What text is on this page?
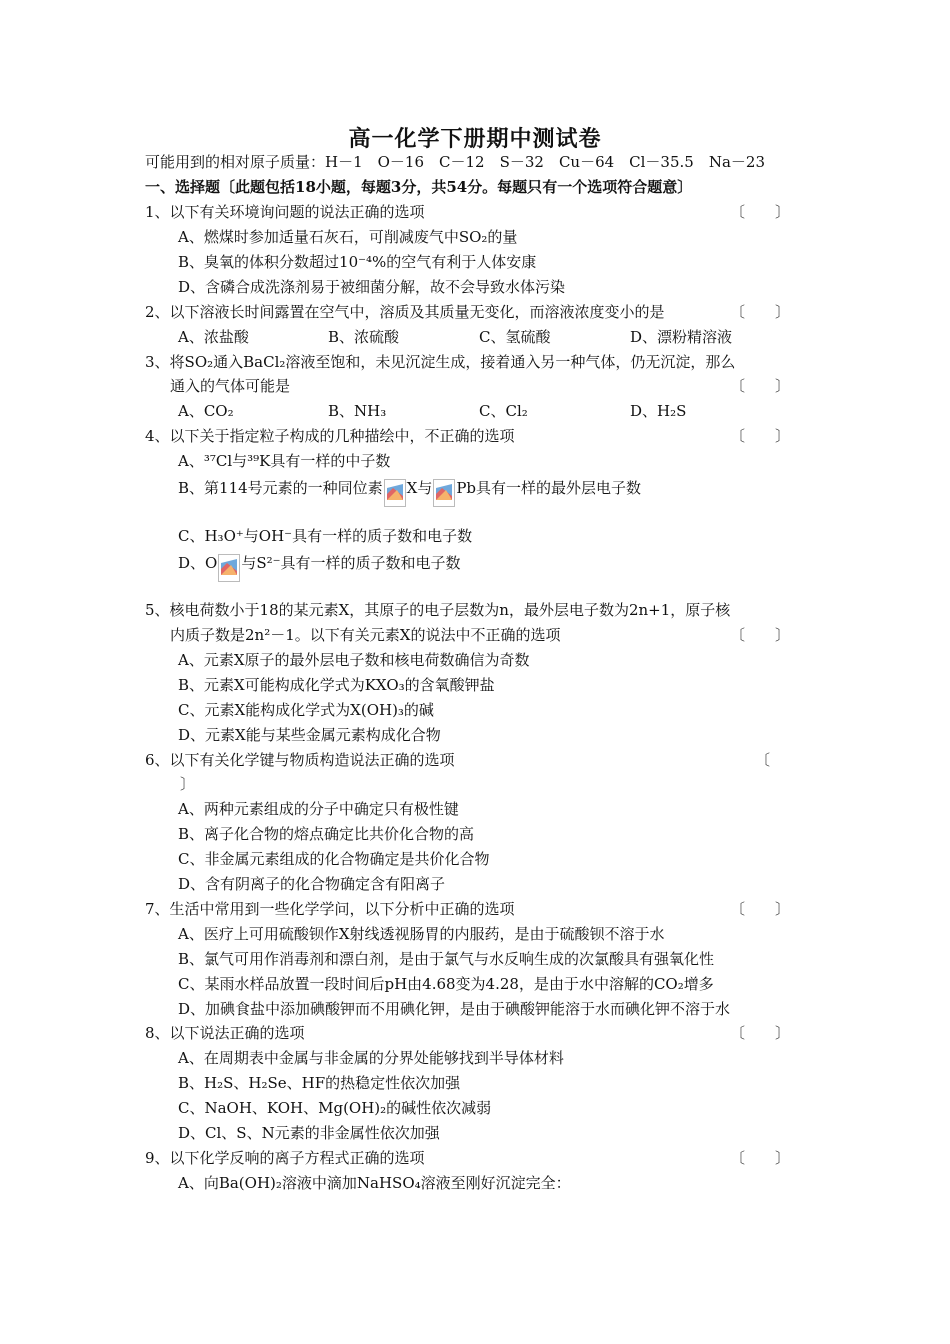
高一化学下册期中测试卷
可能用到的相对原子质量：H－1　O－16　C－12　S－32　Cu－64　Cl－35.5　Na－23
一、选择题〔此题包括18小题，每题3分，共54分。每题只有一个选项符合题意〕
1、以下有关环境询问题的说法正确的选项	〔　　〕
A、燃煤时参加适量石灰石，可削减废气中SO₂的量
B、臭氧的体积分数超过10⁻⁴%的空气有利于人体安康
D、含磷合成洗涤剂易于被细菌分解，故不会导致水体污染
2、以下溶液长时间露置在空气中，溶质及其质量无变化，而溶液浓度变小的是	〔　　〕
A、浓盐酸	B、浓硫酸	C、氢硫酸	D、漂粉精溶液
3、将SO₂通入BaCl₂溶液至饱和，未见沉淀生成，接着通入另一种气体，仍无沉淀，那么
通入的气体可能是	〔　　〕
A、CO₂	B、NH₃	C、Cl₂	D、H₂S
4、以下关于指定粒子构成的几种描绘中，不正确的选项	〔　　〕
A、³⁷Cl与³⁹K具有一样的中子数
B、第114号元素的一种同位素 X与 Pb具有一样的最外层电子数
C、H₃O⁺与OH⁻具有一样的质子数和电子数
D、O 与S²⁻具有一样的质子数和电子数
5、核电荷数小于18的某元素X，其原子的电子层数为n，最外层电子数为2n+1，原子核
内质子数是2n²－1。以下有关元素X的说法中不正确的选项	〔　　〕
A、元素X原子的最外层电子数和核电荷数确信为奇数
B、元素X可能构成化学式为KXO₃的含氧酸钾盐
C、元素X能构成化学式为X(OH)₃的碱
D、元素X能与某些金属元素构成化合物
6、以下有关化学键与物质构造说法正确的选项	〔
〕
A、两种元素组成的分子中确定只有极性键
B、离子化合物的熔点确定比共价化合物的高
C、非金属元素组成的化合物确定是共价化合物
D、含有阴离子的化合物确定含有阳离子
7、生活中常用到一些化学学问，以下分析中正确的选项	〔　　〕
A、医疗上可用硫酸钡作X射线透视肠胃的内服药，是由于硫酸钡不溶于水
B、氯气可用作消毒剂和漂白剂，是由于氯气与水反响生成的次氯酸具有强氧化性
C、某雨水样品放置一段时间后pH由4.68变为4.28，是由于水中溶解的CO₂增多
D、加碘食盐中添加碘酸钾而不用碘化钾，是由于碘酸钾能溶于水而碘化钾不溶于水
8、以下说法正确的选项	〔　　〕
A、在周期表中金属与非金属的分界处能够找到半导体材料
B、H₂S、H₂Se、HF的热稳定性依次加强
C、NaOH、KOH、Mg(OH)₂的碱性依次减弱
D、Cl、S、N元素的非金属性依次加强
9、以下化学反响的离子方程式正确的选项	〔　　〕
A、向Ba(OH)₂溶液中滴加NaHSO₄溶液至刚好沉淀完全：
